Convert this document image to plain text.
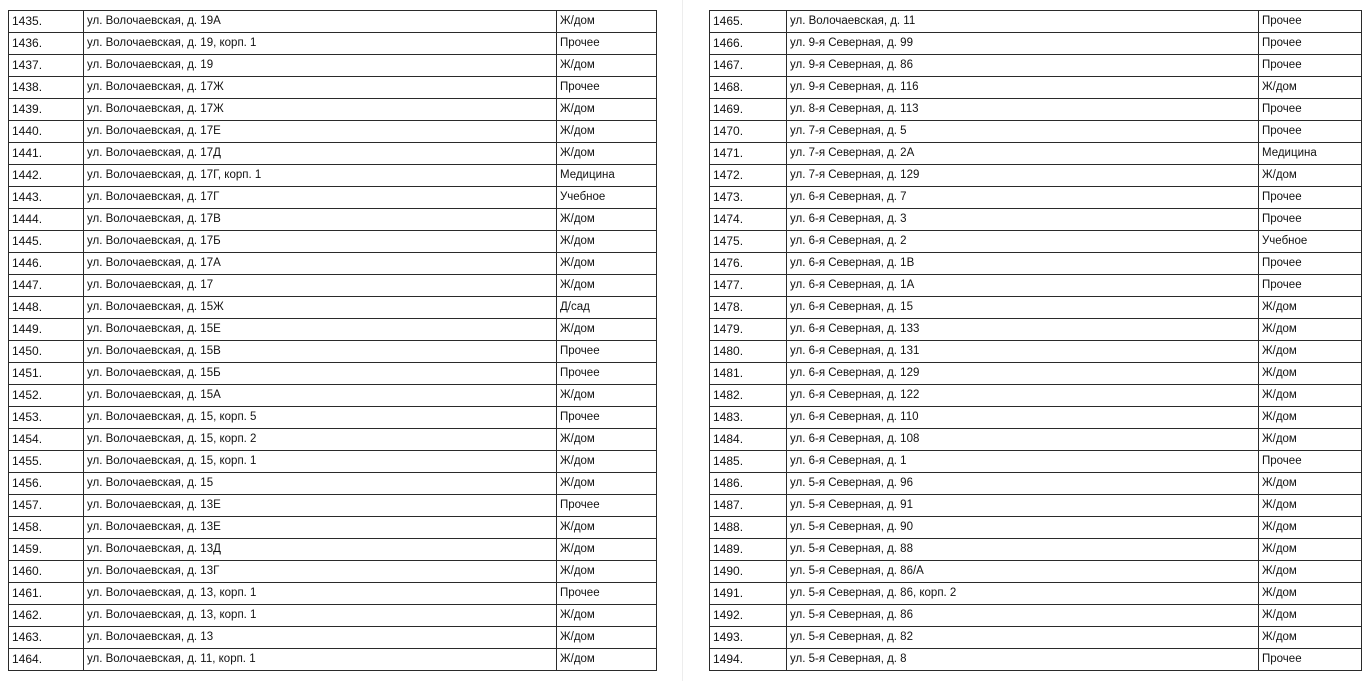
1435.	ул. Волочаевская, д. 19А	Ж/дом
1436.	ул. Волочаевская, д. 19, корп. 1	Прочее
1437.	ул. Волочаевская, д. 19	Ж/дом
1438.	ул. Волочаевская, д. 17Ж	Прочее
1439.	ул. Волочаевская, д. 17Ж	Ж/дом
1440.	ул. Волочаевская, д. 17Е	Ж/дом
1441.	ул. Волочаевская, д. 17Д	Ж/дом
1442.	ул. Волочаевская, д. 17Г, корп. 1	Медицина
1443.	ул. Волочаевская, д. 17Г	Учебное
1444.	ул. Волочаевская, д. 17В	Ж/дом
1445.	ул. Волочаевская, д. 17Б	Ж/дом
1446.	ул. Волочаевская, д. 17А	Ж/дом
1447.	ул. Волочаевская, д. 17	Ж/дом
1448.	ул. Волочаевская, д. 15Ж	Д/сад
1449.	ул. Волочаевская, д. 15Е	Ж/дом
1450.	ул. Волочаевская, д. 15В	Прочее
1451.	ул. Волочаевская, д. 15Б	Прочее
1452.	ул. Волочаевская, д. 15А	Ж/дом
1453.	ул. Волочаевская, д. 15, корп. 5	Прочее
1454.	ул. Волочаевская, д. 15, корп. 2	Ж/дом
1455.	ул. Волочаевская, д. 15, корп. 1	Ж/дом
1456.	ул. Волочаевская, д. 15	Ж/дом
1457.	ул. Волочаевская, д. 13Е	Прочее
1458.	ул. Волочаевская, д. 13Е	Ж/дом
1459.	ул. Волочаевская, д. 13Д	Ж/дом
1460.	ул. Волочаевская, д. 13Г	Ж/дом
1461.	ул. Волочаевская, д. 13, корп. 1	Прочее
1462.	ул. Волочаевская, д. 13, корп. 1	Ж/дом
1463.	ул. Волочаевская, д. 13	Ж/дом
1464.	ул. Волочаевская, д. 11, корп. 1	Ж/дом
1465.	ул. Волочаевская, д. 11	Прочее
1466.	ул. 9-я Северная, д. 99	Прочее
1467.	ул. 9-я Северная, д. 86	Прочее
1468.	ул. 9-я Северная, д. 116	Ж/дом
1469.	ул. 8-я Северная, д. 113	Прочее
1470.	ул. 7-я Северная, д. 5	Прочее
1471.	ул. 7-я Северная, д. 2А	Медицина
1472.	ул. 7-я Северная, д. 129	Ж/дом
1473.	ул. 6-я Северная, д. 7	Прочее
1474.	ул. 6-я Северная, д. 3	Прочее
1475.	ул. 6-я Северная, д. 2	Учебное
1476.	ул. 6-я Северная, д. 1В	Прочее
1477.	ул. 6-я Северная, д. 1А	Прочее
1478.	ул. 6-я Северная, д. 15	Ж/дом
1479.	ул. 6-я Северная, д. 133	Ж/дом
1480.	ул. 6-я Северная, д. 131	Ж/дом
1481.	ул. 6-я Северная, д. 129	Ж/дом
1482.	ул. 6-я Северная, д. 122	Ж/дом
1483.	ул. 6-я Северная, д. 110	Ж/дом
1484.	ул. 6-я Северная, д. 108	Ж/дом
1485.	ул. 6-я Северная, д. 1	Прочее
1486.	ул. 5-я Северная, д. 96	Ж/дом
1487.	ул. 5-я Северная, д. 91	Ж/дом
1488.	ул. 5-я Северная, д. 90	Ж/дом
1489.	ул. 5-я Северная, д. 88	Ж/дом
1490.	ул. 5-я Северная, д. 86/А	Ж/дом
1491.	ул. 5-я Северная, д. 86, корп. 2	Ж/дом
1492.	ул. 5-я Северная, д. 86	Ж/дом
1493.	ул. 5-я Северная, д. 82	Ж/дом
1494.	ул. 5-я Северная, д. 8	Прочее
